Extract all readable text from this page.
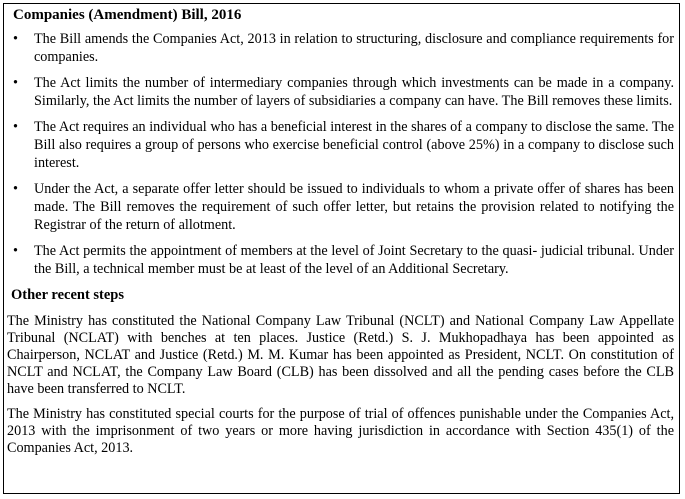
Companies (Amendment) Bill, 2016
•	The Bill amends the Companies Act, 2013 in relation to structuring, disclosure and compliance requirements for companies.
•	The Act limits the number of intermediary companies through which investments can be made in a company. Similarly, the Act limits the number of layers of subsidiaries a company can have. The Bill removes these limits.
•	The Act requires an individual who has a beneficial interest in the shares of a company to disclose the same. The Bill also requires a group of persons who exercise beneficial control (above 25%) in a company to disclose such interest.
•	Under the Act, a separate offer letter should be issued to individuals to whom a private offer of shares has been made. The Bill removes the requirement of such offer letter, but retains the provision related to notifying the Registrar of the return of allotment.
•	The Act permits the appointment of members at the level of Joint Secretary to the quasi- judicial tribunal. Under the Bill, a technical member must be at least of the level of an Additional Secretary.
Other recent steps

The Ministry has constituted the National Company Law Tribunal (NCLT) and National Company Law Appellate Tribunal (NCLAT) with benches at ten places. Justice (Retd.) S. J. Mukhopadhaya has been appointed as Chairperson, NCLAT and Justice (Retd.) M. M. Kumar has been appointed as President, NCLT. On constitution of NCLT and NCLAT, the Company Law Board (CLB) has been dissolved and all the pending cases before the CLB have been transferred to NCLT.

The Ministry has constituted special courts for the purpose of trial of offences punishable under the Companies Act, 2013 with the imprisonment of two years or more having jurisdiction in accordance with Section 435(1) of the Companies Act, 2013.
